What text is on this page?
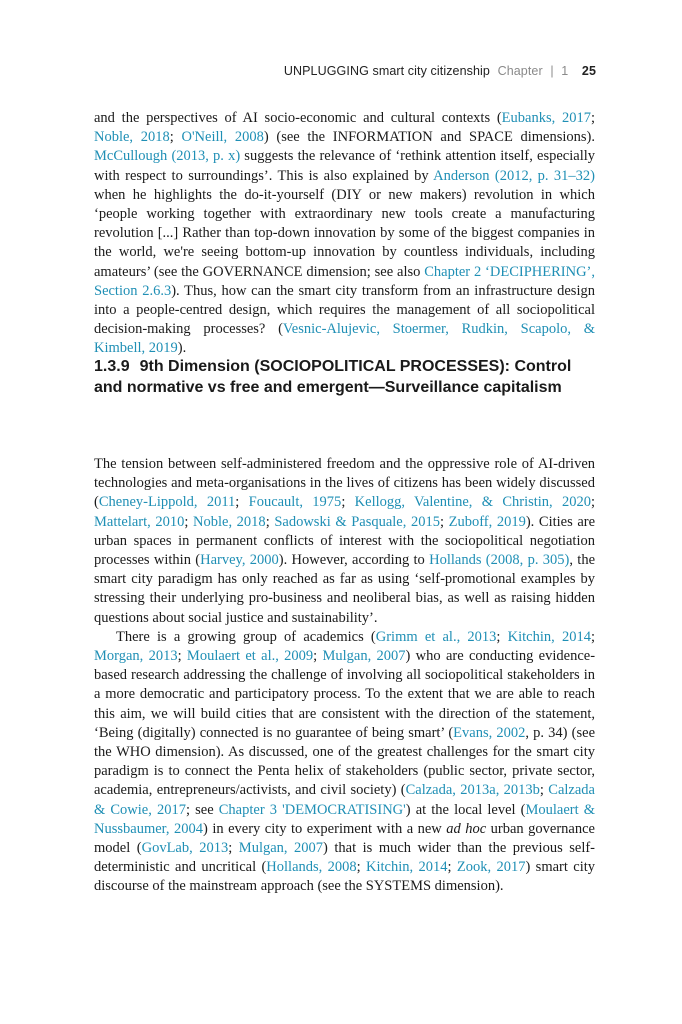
UNPLUGGING smart city citizenship Chapter | 1 25

and the perspectives of AI socio-economic and cultural contexts (Eubanks, 2017; Noble, 2018; O'Neill, 2008) (see the INFORMATION and SPACE dimensions). McCullough (2013, p. x) suggests the relevance of ‘rethink attention itself, especially with respect to surroundings’. This is also explained by Anderson (2012, p. 31–32) when he highlights the do-it-yourself (DIY or new makers) revolution in which ‘people working together with extraordinary new tools create a manufacturing revolution [...] Rather than top-down innovation by some of the biggest companies in the world, we're seeing bottom-up innovation by countless individuals, including amateurs’ (see the GOVERNANCE dimension; see also Chapter 2 ‘DECIPHERING’, Section 2.6.3). Thus, how can the smart city transform from an infrastructure design into a people-centred design, which requires the management of all sociopolitical decision-making processes? (Vesnic-Alujevic, Stoermer, Rudkin, Scapolo, & Kimbell, 2019).

1.3.9 9th Dimension (SOCIOPOLITICAL PROCESSES): Control and normative vs free and emergent—Surveillance capitalism

The tension between self-administered freedom and the oppressive role of AI-driven technologies and meta-organisations in the lives of citizens has been widely discussed (Cheney-Lippold, 2011; Foucault, 1975; Kellogg, Valentine, & Christin, 2020; Mattelart, 2010; Noble, 2018; Sadowski & Pasquale, 2015; Zuboff, 2019). Cities are urban spaces in permanent conflicts of interest with the sociopolitical negotiation processes within (Harvey, 2000). However, according to Hollands (2008, p. 305), the smart city paradigm has only reached as far as using ‘self-promotional examples by stressing their underlying pro-business and neoliberal bias, as well as raising hidden questions about social justice and sustainability’.

There is a growing group of academics (Grimm et al., 2013; Kitchin, 2014; Morgan, 2013; Moulaert et al., 2009; Mulgan, 2007) who are conducting evidence-based research addressing the challenge of involving all sociopolitical stakeholders in a more democratic and participatory process. To the extent that we are able to reach this aim, we will build cities that are consistent with the direction of the statement, ‘Being (digitally) connected is no guarantee of being smart’ (Evans, 2002, p. 34) (see the WHO dimension). As discussed, one of the greatest challenges for the smart city paradigm is to connect the Penta helix of stakeholders (public sector, private sector, academia, entrepreneurs/activists, and civil society) (Calzada, 2013a, 2013b; Calzada & Cowie, 2017; see Chapter 3 'DEMOCRATISING') at the local level (Moulaert & Nussbaumer, 2004) in every city to experiment with a new ad hoc urban governance model (GovLab, 2013; Mulgan, 2007) that is much wider than the previous self-deterministic and uncritical (Hollands, 2008; Kitchin, 2014; Zook, 2017) smart city discourse of the mainstream approach (see the SYSTEMS dimension).
